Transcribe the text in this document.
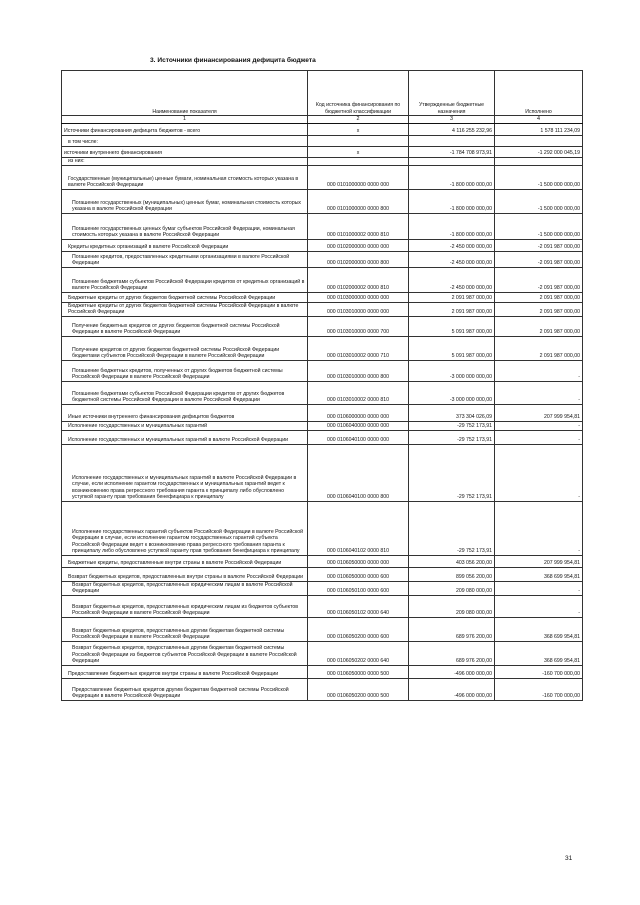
3. Источники финансирования дефицита бюджета
Наименование показателя	Код источника финансирования по бюджетной классификации	Утвержденные бюджетные назначения	Исполнено
1	2	3	4
Источники финансирования дефицита бюджетов - всего	x	4 116 255 232,96	1 578 111 234,09
в том числе:			
источники внутреннего финансирования	x	-1 784 708 973,91	-1 292 000 045,19
из них:			
Государственные (муниципальные) ценные бумаги, номинальная стоимость которых указана в валюте Российской Федерации	000 0101000000 0000 000	-1 800 000 000,00	-1 500 000 000,00
Погашение государственных (муниципальных) ценных бумаг, номинальная стоимость которых указана в валюте Российской Федерации	000 0101000000 0000 800	-1 800 000 000,00	-1 500 000 000,00
Погашение государственных ценных бумаг субъектов Российской Федерации, номинальная стоимость которых указана в валюте Российской Федерации	000 0101000002 0000 810	-1 800 000 000,00	-1 500 000 000,00
Кредиты кредитных организаций в валюте Российской Федерации	000 0102000000 0000 000	-2 450 000 000,00	-2 091 987 000,00
Погашение кредитов, предоставленных кредитными организациями в валюте Российской Федерации	000 0102000000 0000 800	-2 450 000 000,00	-2 091 987 000,00
Погашение бюджетами субъектов Российской Федерации кредитов от кредитных организаций в валюте Российской Федерации	000 0102000002 0000 810	-2 450 000 000,00	-2 091 987 000,00
Бюджетные кредиты от других бюджетов бюджетной системы Российской Федерации	000 0103000000 0000 000	2 091 987 000,00	2 091 987 000,00
Бюджетные кредиты от других бюджетов бюджетной системы Российской Федерации в валюте Российской Федерации	000 0103010000 0000 000	2 091 987 000,00	2 091 987 000,00
Получение бюджетных кредитов от других бюджетов бюджетной системы Российской Федерации в валюте Российской Федерации	000 0103010000 0000 700	5 091 987 000,00	2 091 987 000,00
Получение кредитов от других бюджетов бюджетной системы Российской Федерации бюджетами субъектов Российской Федерации в валюте Российской Федерации	000 0103010002 0000 710	5 091 987 000,00	2 091 987 000,00
Погашение бюджетных кредитов, полученных от других бюджетов бюджетной системы Российской Федерации в валюте Российской Федерации	000 0103010000 0000 800	-3 000 000 000,00	-
Погашение бюджетами субъектов Российской Федерации кредитов от других бюджетов бюджетной системы Российской Федерации в валюте Российской Федерации	000 0103010002 0000 810	-3 000 000 000,00	-
Иные источники внутреннего финансирования дефицитов бюджетов	000 0106000000 0000 000	373 304 026,09	207 999 954,81
Исполнение государственных и муниципальных гарантий	000 0106040000 0000 000	-29 752 173,91	-
Исполнение государственных и муниципальных гарантий в валюте Российской Федерации	000 0106040100 0000 000	-29 752 173,91	-
Исполнение государственных и муниципальных гарантий в валюте Российской Федерации в случае, если исполнение гарантом государственных и муниципальных гарантий ведет к возникновению права регрессного требования гаранта к принципалу либо обусловлено уступкой гаранту прав требования бенефициара к принципалу	000 0106040100 0000 800	-29 752 173,91	-
Исполнение государственных гарантий субъектов Российской Федерации в валюте Российской Федерации в случае, если исполнение гарантом государственных гарантий субъекта Российской Федерации ведет к возникновению права регрессного требования гаранта к принципалу либо обусловлено уступкой гаранту прав требования бенефициара к принципалу	000 0106040102 0000 810	-29 752 173,91	-
Бюджетные кредиты, предоставленные внутри страны в валюте Российской Федерации	000 0106050000 0000 000	403 056 200,00	207 999 954,81
Возврат бюджетных кредитов, предоставленных внутри страны в валюте Российской Федерации	000 0106050000 0000 600	899 056 200,00	368 699 954,81
Возврат бюджетных кредитов, предоставленных юридическим лицам в валюте Российской Федерации	000 0106050100 0000 600	209 080 000,00	-
Возврат бюджетных кредитов, предоставленных юридическим лицам из бюджетов субъектов Российской Федерации в валюте Российской Федерации	000 0106050102 0000 640	209 080 000,00	-
Возврат бюджетных кредитов, предоставленных другим бюджетам бюджетной системы Российской Федерации в валюте Российской Федерации	000 0106050200 0000 600	689 976 200,00	368 699 954,81
Возврат бюджетных кредитов, предоставленных другим бюджетам бюджетной системы Российской Федерации из бюджетов субъектов Российской Федерации в валюте Российской Федерации	000 0106050202 0000 640	689 976 200,00	368 699 954,81
Предоставление бюджетных кредитов внутри страны в валюте Российской Федерации	000 0106050000 0000 500	-496 000 000,00	-160 700 000,00
Предоставление бюджетных кредитов другим бюджетам бюджетной системы Российской Федерации в валюте Российской Федерации	000 0106050200 0000 500	-496 000 000,00	-160 700 000,00
31
